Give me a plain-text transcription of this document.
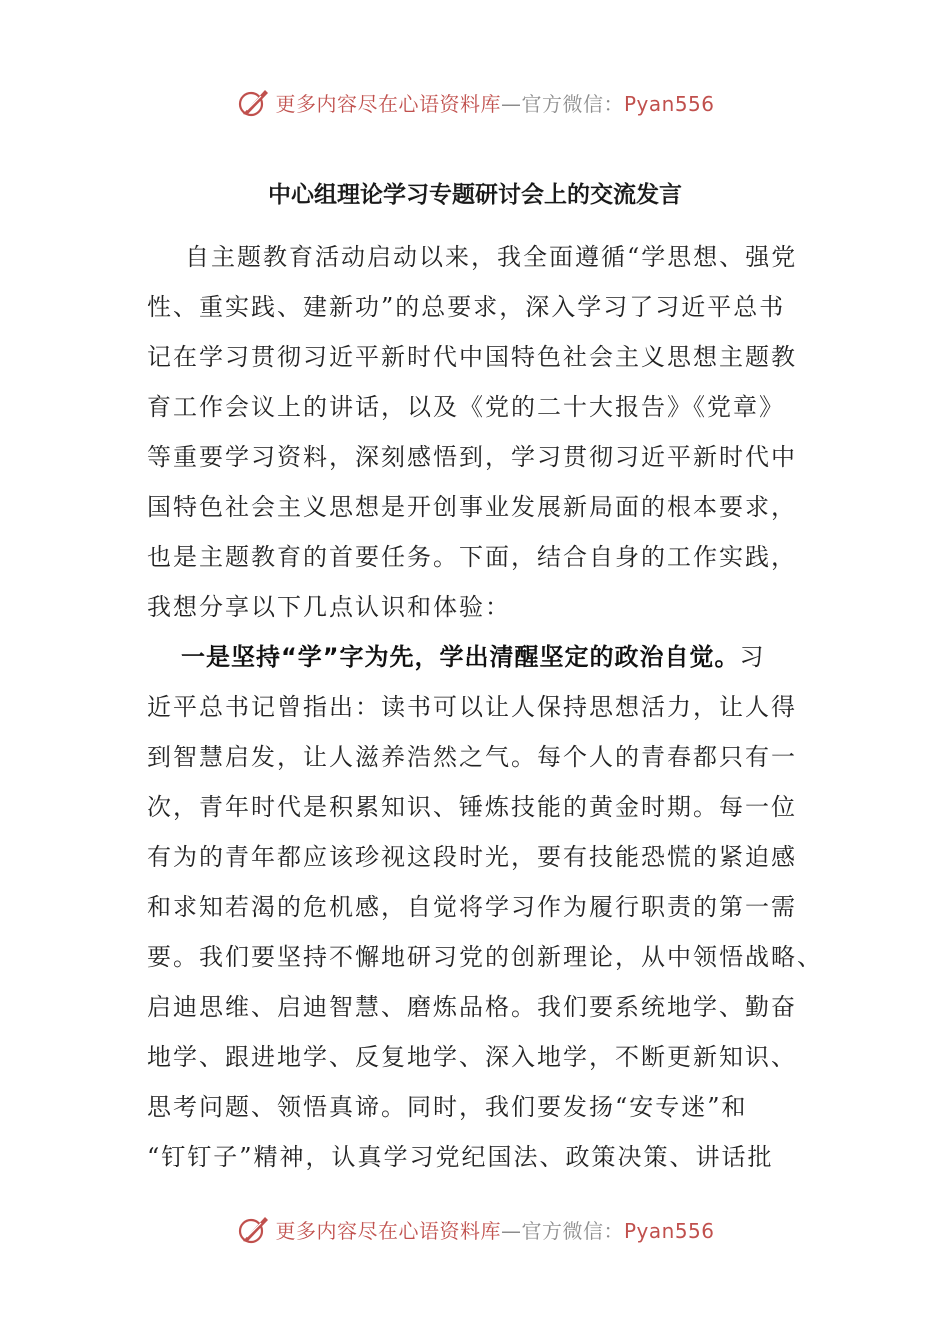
更多内容尽在心语资料库—官方微信：Pyan556
中心组理论学习专题研讨会上的交流发言
自主题教育活动启动以来，我全面遵循“学思想、强党
性、重实践、建新功”的总要求，深入学习了习近平总书
记在学习贯彻习近平新时代中国特色社会主义思想主题教
育工作会议上的讲话，以及《党的二十大报告》《党章》
等重要学习资料，深刻感悟到，学习贯彻习近平新时代中
国特色社会主义思想是开创事业发展新局面的根本要求，
也是主题教育的首要任务。下面，结合自身的工作实践，
我想分享以下几点认识和体验：
一是坚持“学”字为先，学出清醒坚定的政治自觉。习
近平总书记曾指出：读书可以让人保持思想活力，让人得
到智慧启发，让人滋养浩然之气。每个人的青春都只有一
次，青年时代是积累知识、锤炼技能的黄金时期。每一位
有为的青年都应该珍视这段时光，要有技能恐慌的紧迫感
和求知若渴的危机感，自觉将学习作为履行职责的第一需
要。我们要坚持不懈地研习党的创新理论，从中领悟战略、
启迪思维、启迪智慧、磨炼品格。我们要系统地学、勤奋
地学、跟进地学、反复地学、深入地学，不断更新知识、
思考问题、领悟真谛。同时，我们要发扬“安专迷”和
“钉钉子”精神，认真学习党纪国法、政策决策、讲话批
更多内容尽在心语资料库—官方微信：Pyan556
